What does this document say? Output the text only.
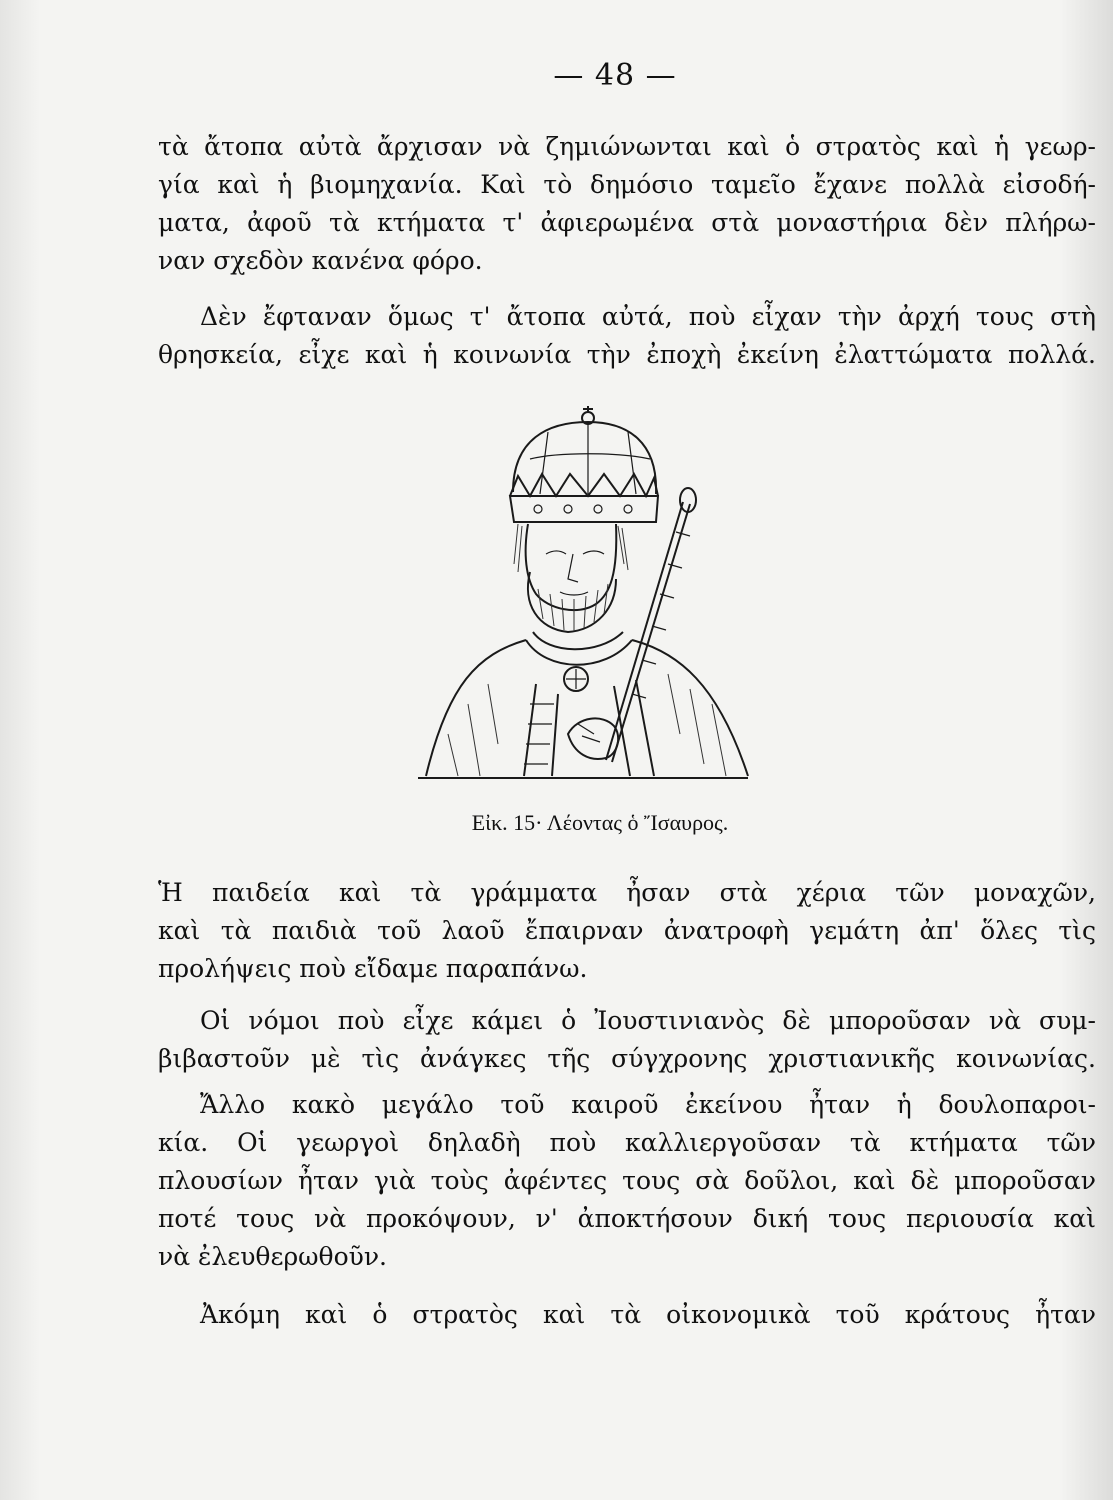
— 48 —
τὰ ἄτοπα αὐτὰ ἄρχισαν νὰ ζημιώνωνται καὶ ὁ στρατὸς καὶ ἡ γεωρ-
γία καὶ ἡ βιομηχανία. Καὶ τὸ δημόσιο ταμεῖο ἔχανε πολλὰ εἰσοδή-
ματα, ἀφοῦ τὰ κτήματα τ' ἀφιερωμένα στὰ μοναστήρια δὲν πλήρω-
ναν σχεδὸν κανένα φόρο.
Δὲν ἔφταναν ὅμως τ' ἄτοπα αὐτά, ποὺ εἶχαν τὴν ἀρχή τους στὴ
θρησκεία, εἶχε καὶ ἡ κοινωνία τὴν ἐποχὴ ἐκείνη ἐλαττώματα πολλά.
Εἰκ. 15· Λέοντας ὁ Ἴσαυρος.
Ἡ παιδεία καὶ τὰ γράμματα ἦσαν στὰ χέρια τῶν μοναχῶν,
καὶ τὰ παιδιὰ τοῦ λαοῦ ἔπαιρναν ἀνατροφὴ γεμάτη ἀπ' ὅλες τὶς
προλήψεις ποὺ εἴδαμε παραπάνω.
Οἱ νόμοι ποὺ εἶχε κάμει ὁ Ἰουστινιανὸς δὲ μποροῦσαν νὰ συμ-
βιβαστοῦν μὲ τὶς ἀνάγκες τῆς σύγχρονης χριστιανικῆς κοινωνίας.
Ἄλλο κακὸ μεγάλο τοῦ καιροῦ ἐκείνου ἦταν ἡ δουλοπαροι-
κία. Οἱ γεωργοὶ δηλαδὴ ποὺ καλλιεργοῦσαν τὰ κτήματα τῶν
πλουσίων ἦταν γιὰ τοὺς ἀφέντες τους σὰ δοῦλοι, καὶ δὲ μποροῦσαν
ποτέ τους νὰ προκόψουν, ν' ἀποκτήσουν δική τους περιουσία καὶ
νὰ ἐλευθερωθοῦν.
Ἀκόμη καὶ ὁ στρατὸς καὶ τὰ οἰκονομικὰ τοῦ κράτους ἦταν
